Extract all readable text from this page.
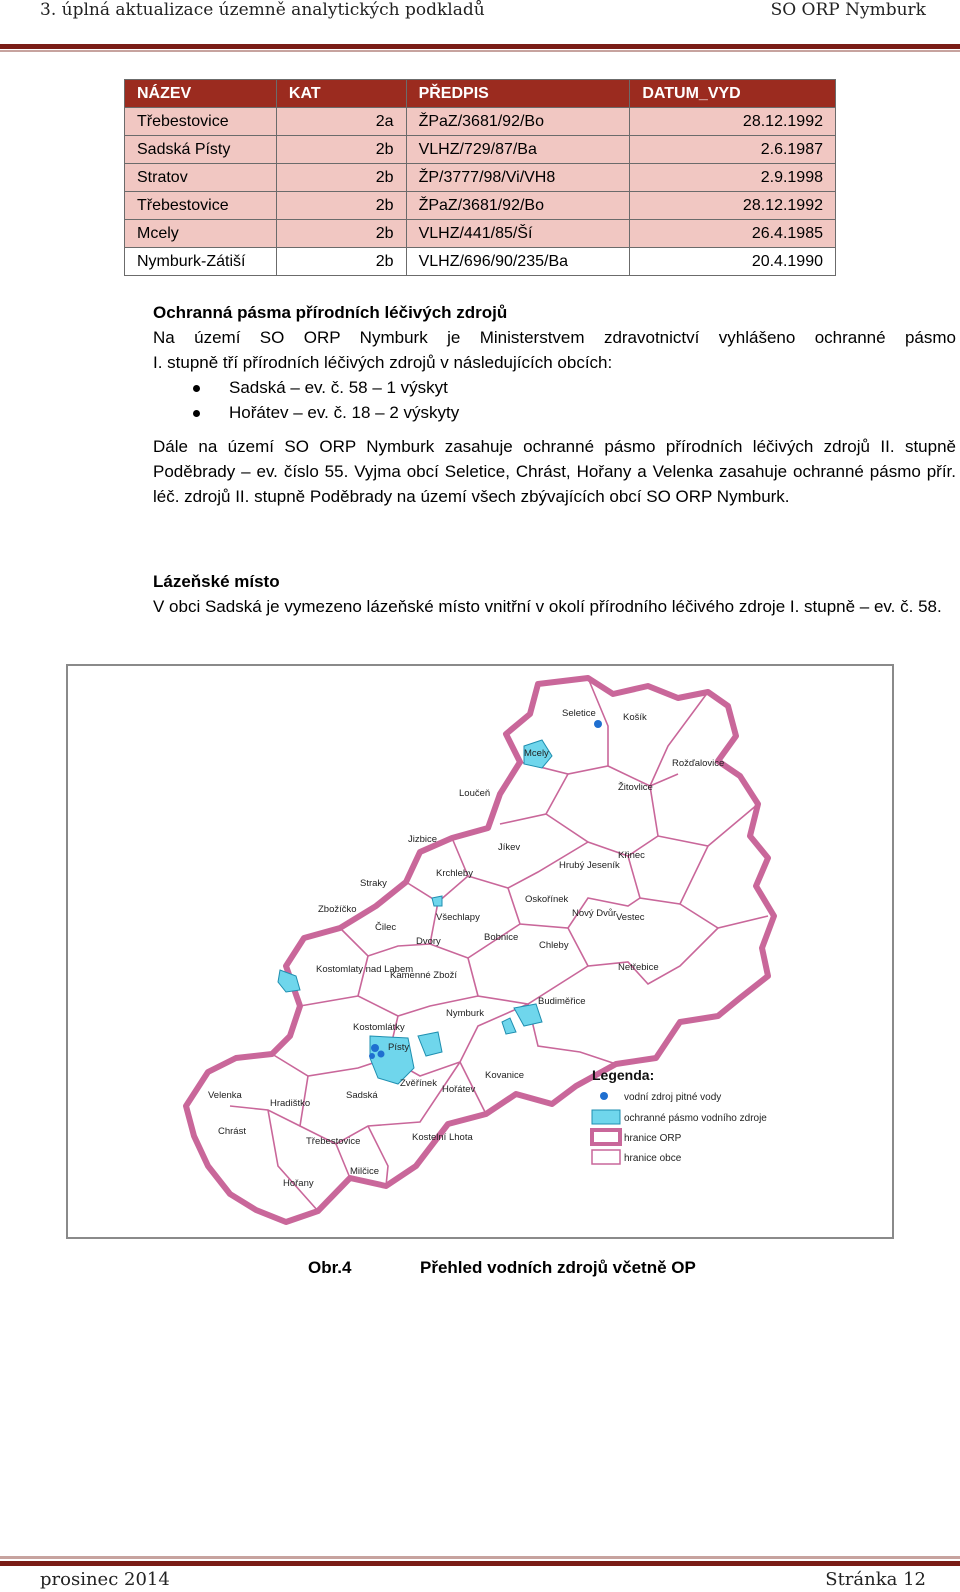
3. úplná aktualizace územně analytických podkladů	SO ORP Nymburk
NÁZEV	KAT	PŘEDPIS	DATUM_VYD
Třebestovice	2a	ŽPaZ/3681/92/Bo	28.12.1992
Sadská Písty	2b	VLHZ/729/87/Ba	2.6.1987
Stratov	2b	ŽP/3777/98/Vi/VH8	2.9.1998
Třebestovice	2b	ŽPaZ/3681/92/Bo	28.12.1992
Mcely	2b	VLHZ/441/85/Ší	26.4.1985
Nymburk-Zátiší	2b	VLHZ/696/90/235/Ba	20.4.1990
Ochranná pásma přírodních léčivých zdrojů

Na území SO ORP Nymburk je Ministerstvem zdravotnictví vyhlášeno ochranné pásmo

I. stupně tří přírodních léčivých zdrojů v následujících obcích:

Sadská – ev. č. 58 – 1 výskyt
Hořátev – ev. č. 18 – 2 výskyty

Dále na území SO ORP Nymburk zasahuje ochranné pásmo přírodních léčivých zdrojů II. stupně Poděbrady – ev. číslo 55. Vyjma obcí Seletice, Chrást, Hořany a Velenka zasahuje ochranné pásmo přír. léč. zdrojů II. stupně Poděbrady na území všech zbývajících obcí SO ORP Nymburk.

Lázeňské místo

V obci Sadská je vymezeno lázeňské místo vnitřní v okolí přírodního léčivého zdroje I. stupně – ev. č. 58.

Seletice	Košík
Mcely
Rožďalovice
Loučeň
Žitovlice
Jizbice
Jíkev
Hrubý Jeseník
Křinec
Straky
Krchleby
Oskořínek
Zbožíčko
Všechlapy	Nový Dvůr Vestec
Čilec
Dvory	Bobnice
Chleby
Kostomlaty nad Labem
Kamenné Zboží
Netřebice
Budiměřice
Nymburk
Kostomlátky
Písty
Kovanice
Zvěřínek
Hořátev
Velenka
Hradištko
Sadská
Chrást
Třebestovice	Kostelní Lhota
Milčice
Hořany
Legenda:
vodní zdroj pitné vody
ochranné pásmo vodního zdroje
hranice ORP
hranice obce
Obr.4	Přehled vodních zdrojů včetně OP
prosinec 2014	Stránka 12
